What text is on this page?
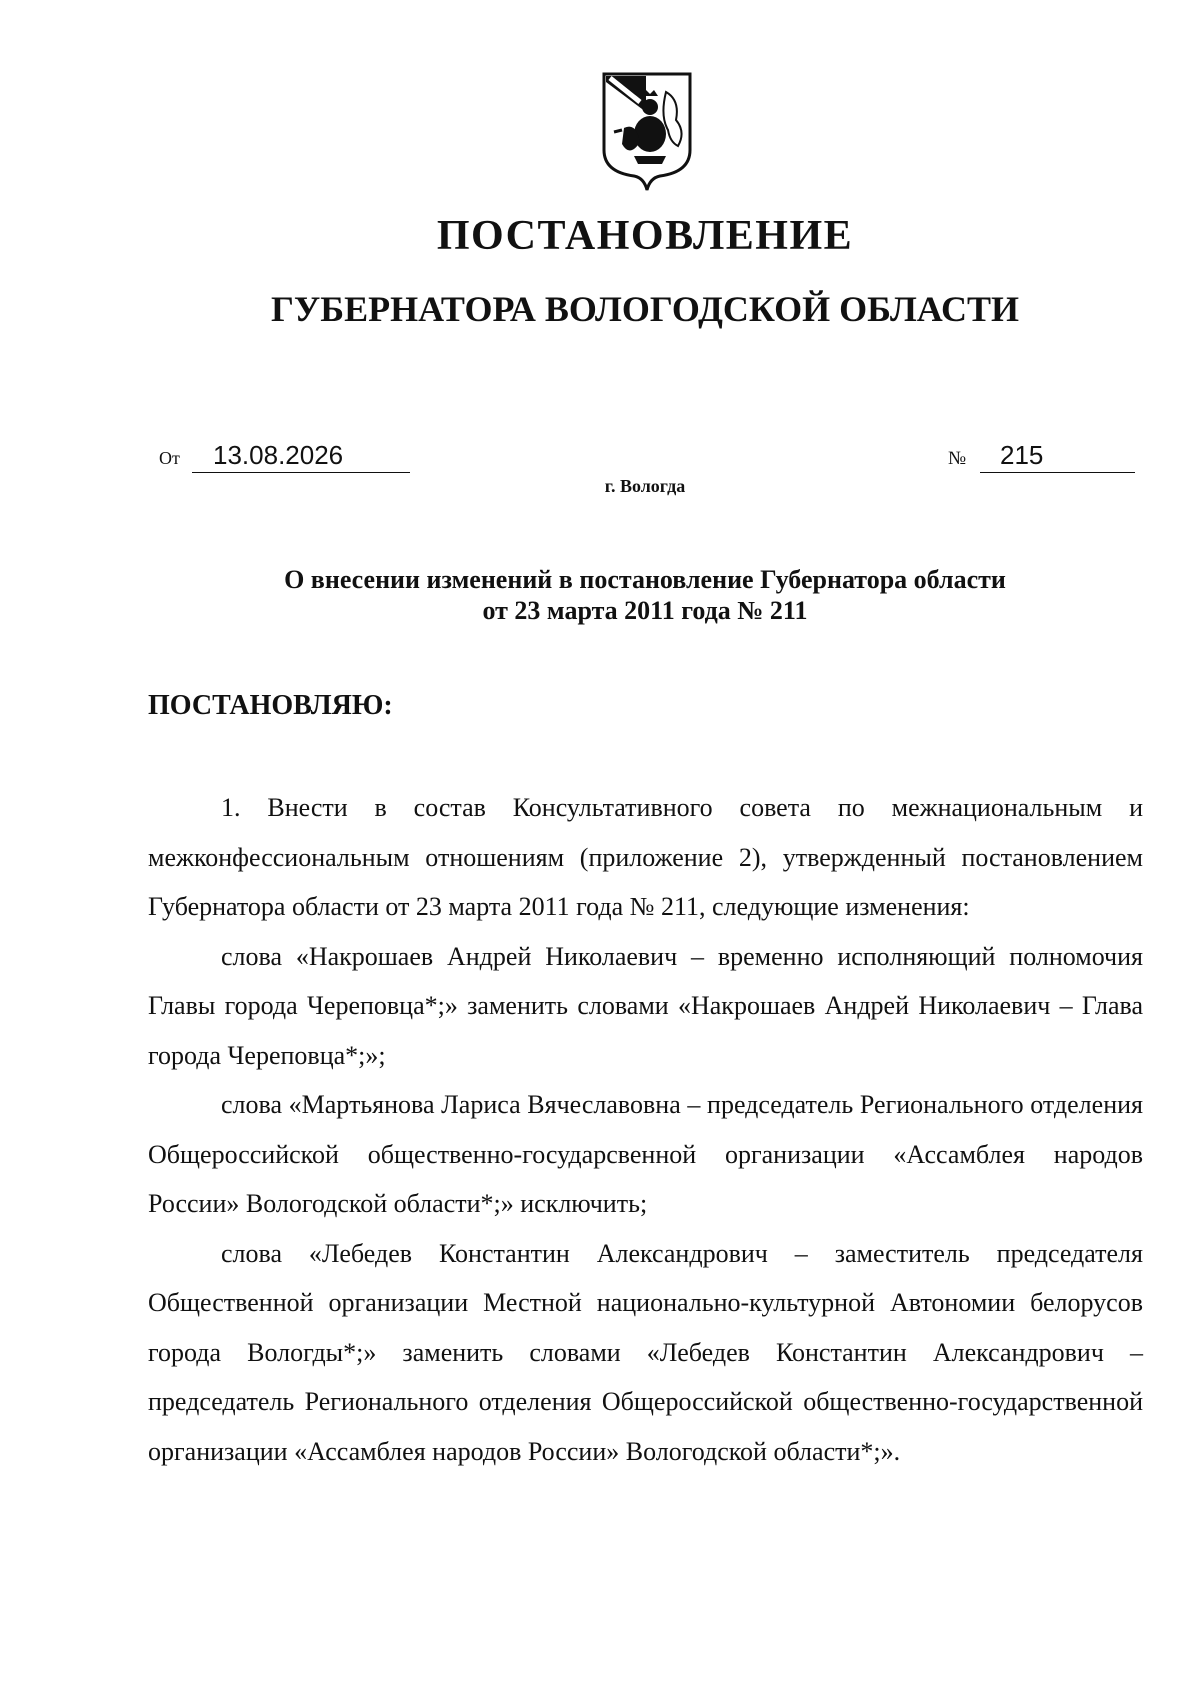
ПОСТАНОВЛЕНИЕ
ГУБЕРНАТОРА ВОЛОГОДСКОЙ ОБЛАСТИ
От 13.08.2026	№ 215
г. Вологда
О внесении изменений в постановление Губернатора области
от 23 марта 2011 года № 211
ПОСТАНОВЛЯЮ:

1. Внести в состав Консультативного совета по межнациональным и межконфессиональным отношениям (приложение 2), утвержденный постановлением Губернатора области от 23 марта 2011 года № 211, следующие изменения:

слова «Накрошаев Андрей Николаевич – временно исполняющий полномочия Главы города Череповца*;» заменить словами «Накрошаев Андрей Николаевич – Глава города Череповца*;»;

слова «Мартьянова Лариса Вячеславовна – председатель Регионального отделения Общероссийской общественно-государсвенной организации «Ассамблея народов России» Вологодской области*;» исключить;

слова «Лебедев Константин Александрович – заместитель председателя Общественной организации Местной национально-культурной Автономии белорусов города Вологды*;» заменить словами «Лебедев Константин Александрович – председатель Регионального отделения Общероссийской общественно-государственной организации «Ассамблея народов России» Вологодской области*;».
